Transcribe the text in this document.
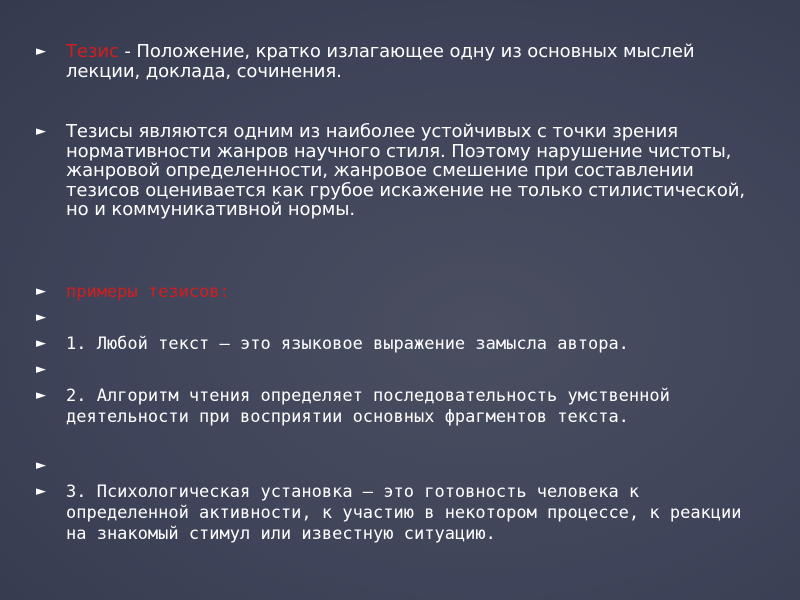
► Тезис - Положение, кратко излагающее одну из основных мыслей лекции, доклада, сочинения.
► Тезисы являются одним из наиболее устойчивых с точки зрения нормативности жанров научного стиля. Поэтому нарушение чистоты, жанровой определенности, жанровое смешение при составлении тезисов оценивается как грубое искажение не только стилистической, но и коммуникативной нормы.
► примеры тезисов:
►
► 1. Любой текст – это языковое выражение замысла автора.
►
► 2. Алгоритм чтения определяет последовательность умственной деятельности при восприятии основных фрагментов текста.
►
► 3. Психологическая установка – это готовность человека к определенной активности, к участию в некотором процессе, к реакции на знакомый стимул или известную ситуацию.
